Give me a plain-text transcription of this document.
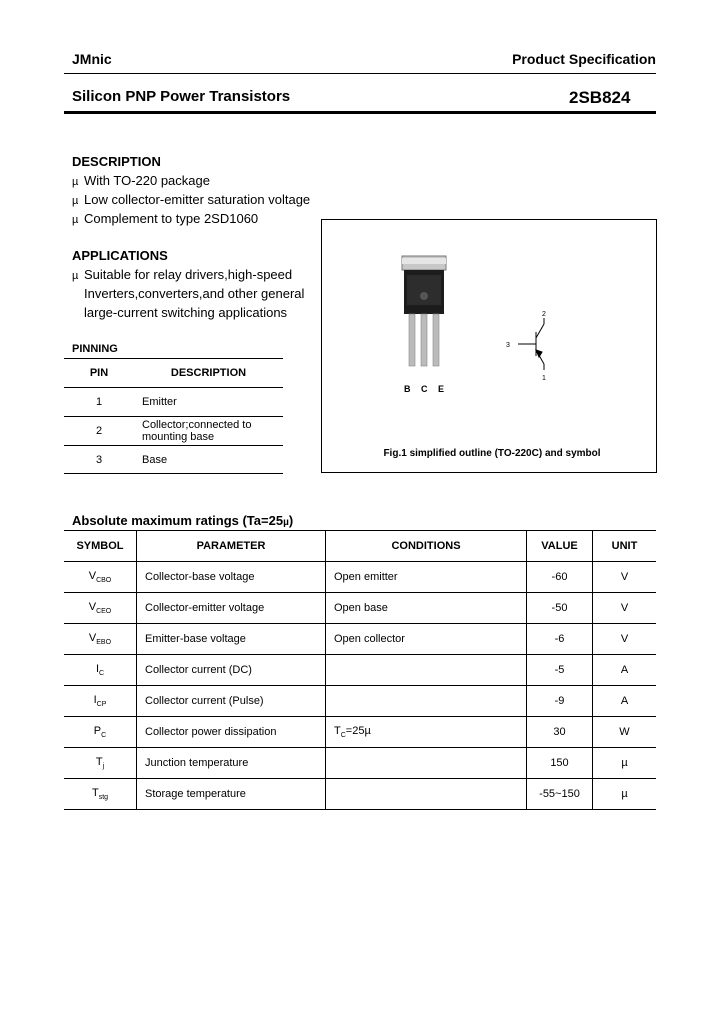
JMnic	Product Specification
Silicon PNP Power Transistors	2SB824
DESCRIPTION
µ With TO-220 package
µ Low collector-emitter saturation voltage
µ Complement to type 2SD1060
APPLICATIONS
µ Suitable for relay drivers,high-speed
Inverters,converters,and other general
large-current switching applications
PINNING
PIN	DESCRIPTION
1	Emitter
2	Collector;connected to mounting base
3	Base
B C E
2
3
1
Fig.1 simplified outline (TO-220C) and symbol
Absolute maximum ratings (Ta=25µ)
SYMBOL	PARAMETER	CONDITIONS	VALUE	UNIT
$V_{CBO}$	Collector-base voltage	Open emitter	-60	V
$V_{CEO}$	Collector-emitter voltage	Open base	-50	V
$V_{EBO}$	Emitter-base voltage	Open collector	-6	V
$I_C$	Collector current (DC)		-5	A
$I_{CP}$	Collector current (Pulse)		-9	A
$P_C$	Collector power dissipation	$T_C=25\mu$	30	W
$T_j$	Junction temperature		150	µ
$T_{stg}$	Storage temperature		-55~150	µ
